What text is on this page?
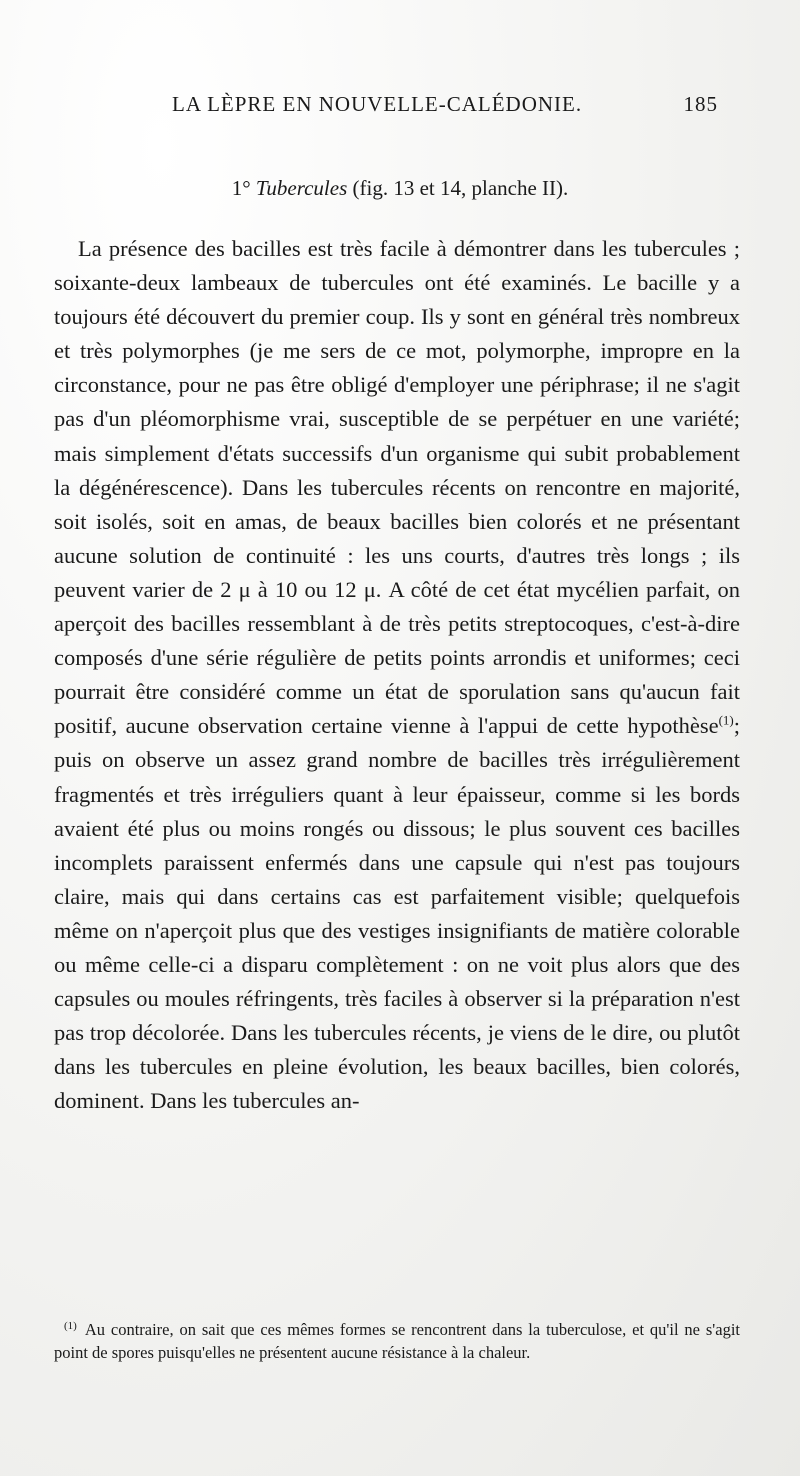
LA LÈPRE EN NOUVELLE-CALÉDONIE.	185
1° Tubercules (fig. 13 et 14, planche II).
La présence des bacilles est très facile à démontrer dans les tubercules ; soixante-deux lambeaux de tubercules ont été examinés. Le bacille y a toujours été découvert du premier coup. Ils y sont en général très nombreux et très polymorphes (je me sers de ce mot, polymorphe, impropre en la circonstance, pour ne pas être obligé d'employer une périphrase; il ne s'agit pas d'un pléomorphisme vrai, susceptible de se perpétuer en une variété; mais simplement d'états successifs d'un organisme qui subit probablement la dégénérescence). Dans les tubercules récents on rencontre en majorité, soit isolés, soit en amas, de beaux bacilles bien colorés et ne présentant aucune solution de continuité : les uns courts, d'autres très longs ; ils peuvent varier de 2 μ à 10 ou 12 μ. A côté de cet état mycélien parfait, on aperçoit des bacilles ressemblant à de très petits streptocoques, c'est-à-dire composés d'une série régulière de petits points arrondis et uniformes; ceci pourrait être considéré comme un état de sporulation sans qu'aucun fait positif, aucune observation certaine vienne à l'appui de cette hypothèse$^{(1)}$; puis on observe un assez grand nombre de bacilles très irrégulièrement fragmentés et très irréguliers quant à leur épaisseur, comme si les bords avaient été plus ou moins rongés ou dissous; le plus souvent ces bacilles incomplets paraissent enfermés dans une capsule qui n'est pas toujours claire, mais qui dans certains cas est parfaitement visible; quelquefois même on n'aperçoit plus que des vestiges insignifiants de matière colorable ou même celle-ci a disparu complètement : on ne voit plus alors que des capsules ou moules réfringents, très faciles à observer si la préparation n'est pas trop décolorée. Dans les tubercules récents, je viens de le dire, ou plutôt dans les tubercules en pleine évolution, les beaux bacilles, bien colorés, dominent. Dans les tubercules an-
$^{(1)}$ Au contraire, on sait que ces mêmes formes se rencontrent dans la tuberculose, et qu'il ne s'agit point de spores puisqu'elles ne présentent aucune résistance à la chaleur.
